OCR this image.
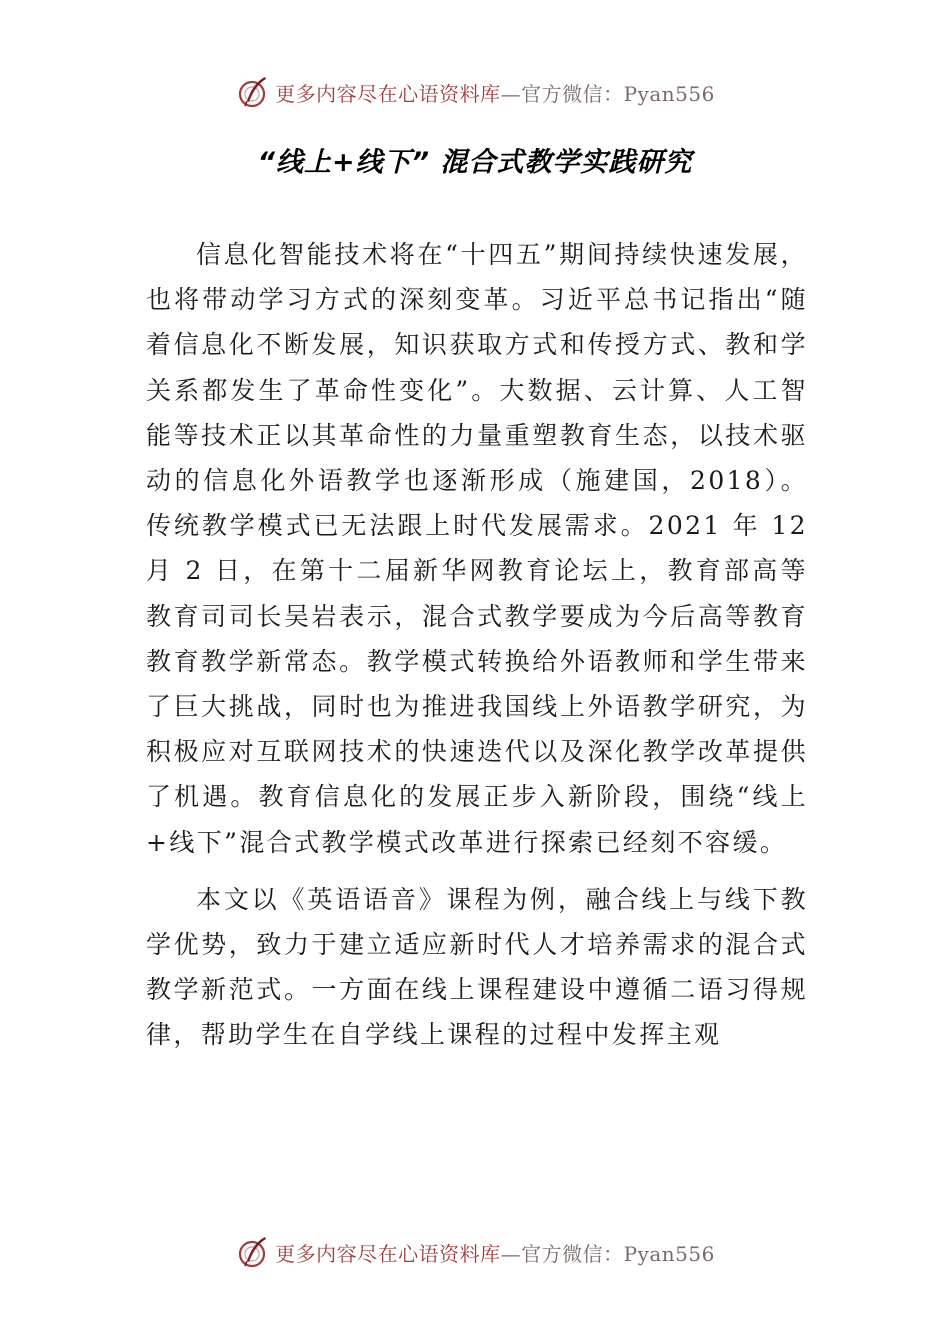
更多内容尽在心语资料库 —官方微信：Pyan556
“线上+线下” 混合式教学实践研究

信息化智能技术将在“十四五”期间持续快速发展，也将带动学习方式的深刻变革。习近平总书记指出“随着信息化不断发展，知识获取方式和传授方式、教和学关系都发生了革命性变化”。大数据、云计算、人工智能等技术正以其革命性的力量重塑教育生态，以技术驱动的信息化外语教学也逐渐形成（施建国，2018）。传统教学模式已无法跟上时代发展需求。2021 年 12 月 2 日，在第十二届新华网教育论坛上，教育部高等教育司司长吴岩表示，混合式教学要成为今后高等教育教育教学新常态。教学模式转换给外语教师和学生带来了巨大挑战，同时也为推进我国线上外语教学研究，为积极应对互联网技术的快速迭代以及深化教学改革提供了机遇。教育信息化的发展正步入新阶段，围绕“线上+线下”混合式教学模式改革进行探索已经刻不容缓。

本文以《英语语音》课程为例，融合线上与线下教学优势，致力于建立适应新时代人才培养需求的混合式教学新范式。一方面在线上课程建设中遵循二语习得规律，帮助学生在自学线上课程的过程中发挥主观

更多内容尽在心语资料库 —官方微信：Pyan556
